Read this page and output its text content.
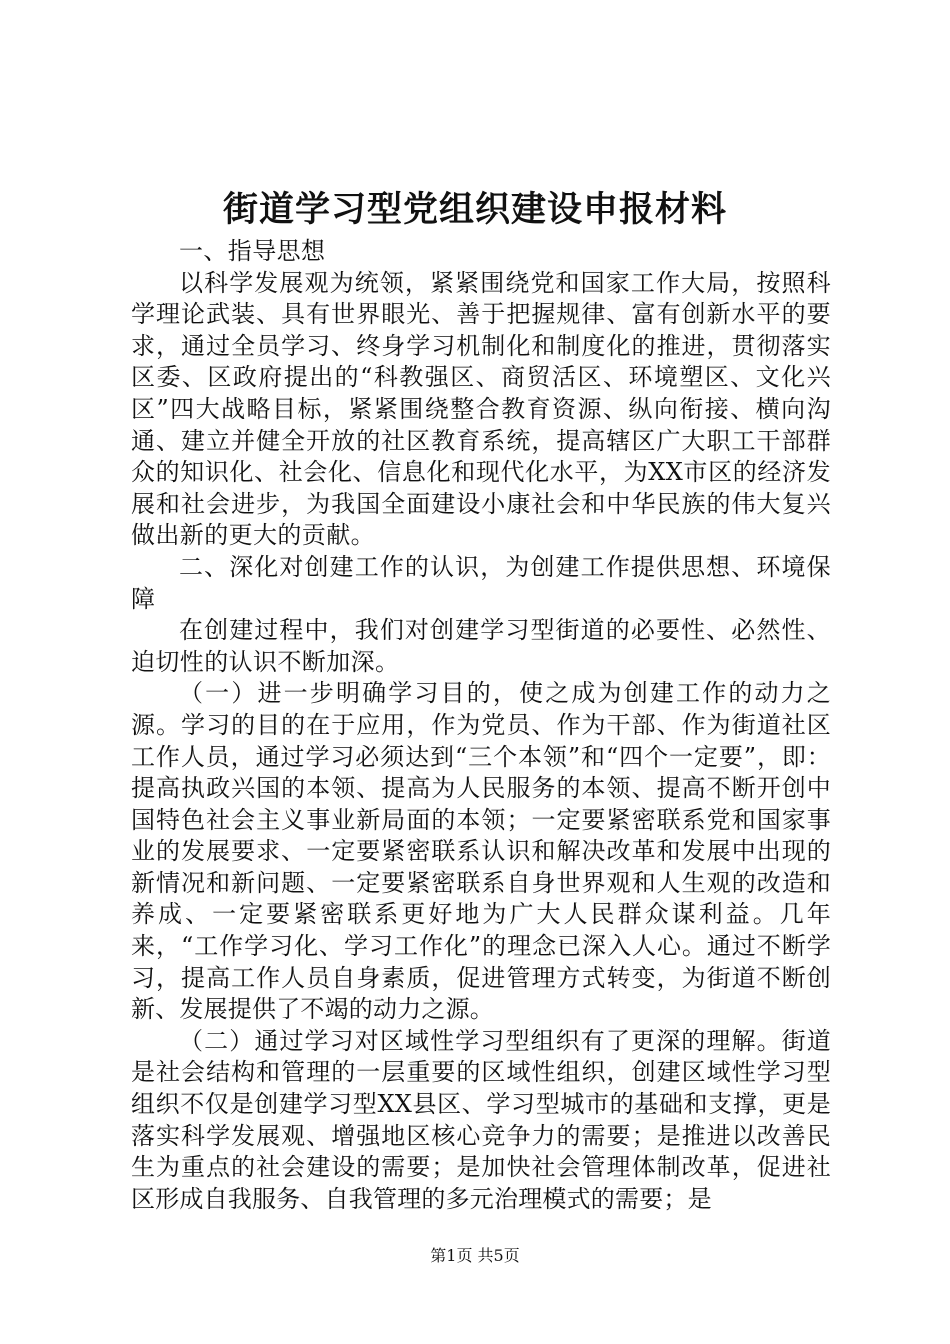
街道学习型党组织建设申报材料

一、指导思想

以科学发展观为统领，紧紧围绕党和国家工作大局，按照科学理论武装、具有世界眼光、善于把握规律、富有创新水平的要求，通过全员学习、终身学习机制化和制度化的推进，贯彻落实区委、区政府提出的“科教强区、商贸活区、环境塑区、文化兴区”四大战略目标，紧紧围绕整合教育资源、纵向衔接、横向沟通、建立并健全开放的社区教育系统，提高辖区广大职工干部群众的知识化、社会化、信息化和现代化水平，为XX市区的经济发展和社会进步，为我国全面建设小康社会和中华民族的伟大复兴做出新的更大的贡献。

二、深化对创建工作的认识，为创建工作提供思想、环境保障

在创建过程中，我们对创建学习型街道的必要性、必然性、迫切性的认识不断加深。

（一）进一步明确学习目的，使之成为创建工作的动力之源。学习的目的在于应用，作为党员、作为干部、作为街道社区工作人员，通过学习必须达到“三个本领”和“四个一定要”，即：提高执政兴国的本领、提高为人民服务的本领、提高不断开创中国特色社会主义事业新局面的本领；一定要紧密联系党和国家事业的发展要求、一定要紧密联系认识和解决改革和发展中出现的新情况和新问题、一定要紧密联系自身世界观和人生观的改造和养成、一定要紧密联系更好地为广大人民群众谋利益。几年来，“工作学习化、学习工作化”的理念已深入人心。通过不断学习，提高工作人员自身素质，促进管理方式转变，为街道不断创新、发展提供了不竭的动力之源。

（二）通过学习对区域性学习型组织有了更深的理解。街道是社会结构和管理的一层重要的区域性组织，创建区域性学习型组织不仅是创建学习型XX县区、学习型城市的基础和支撑，更是落实科学发展观、增强地区核心竞争力的需要；是推进以改善民生为重点的社会建设的需要；是加快社会管理体制改革，促进社区形成自我服务、自我管理的多元治理模式的需要；是

第1页 共5页
